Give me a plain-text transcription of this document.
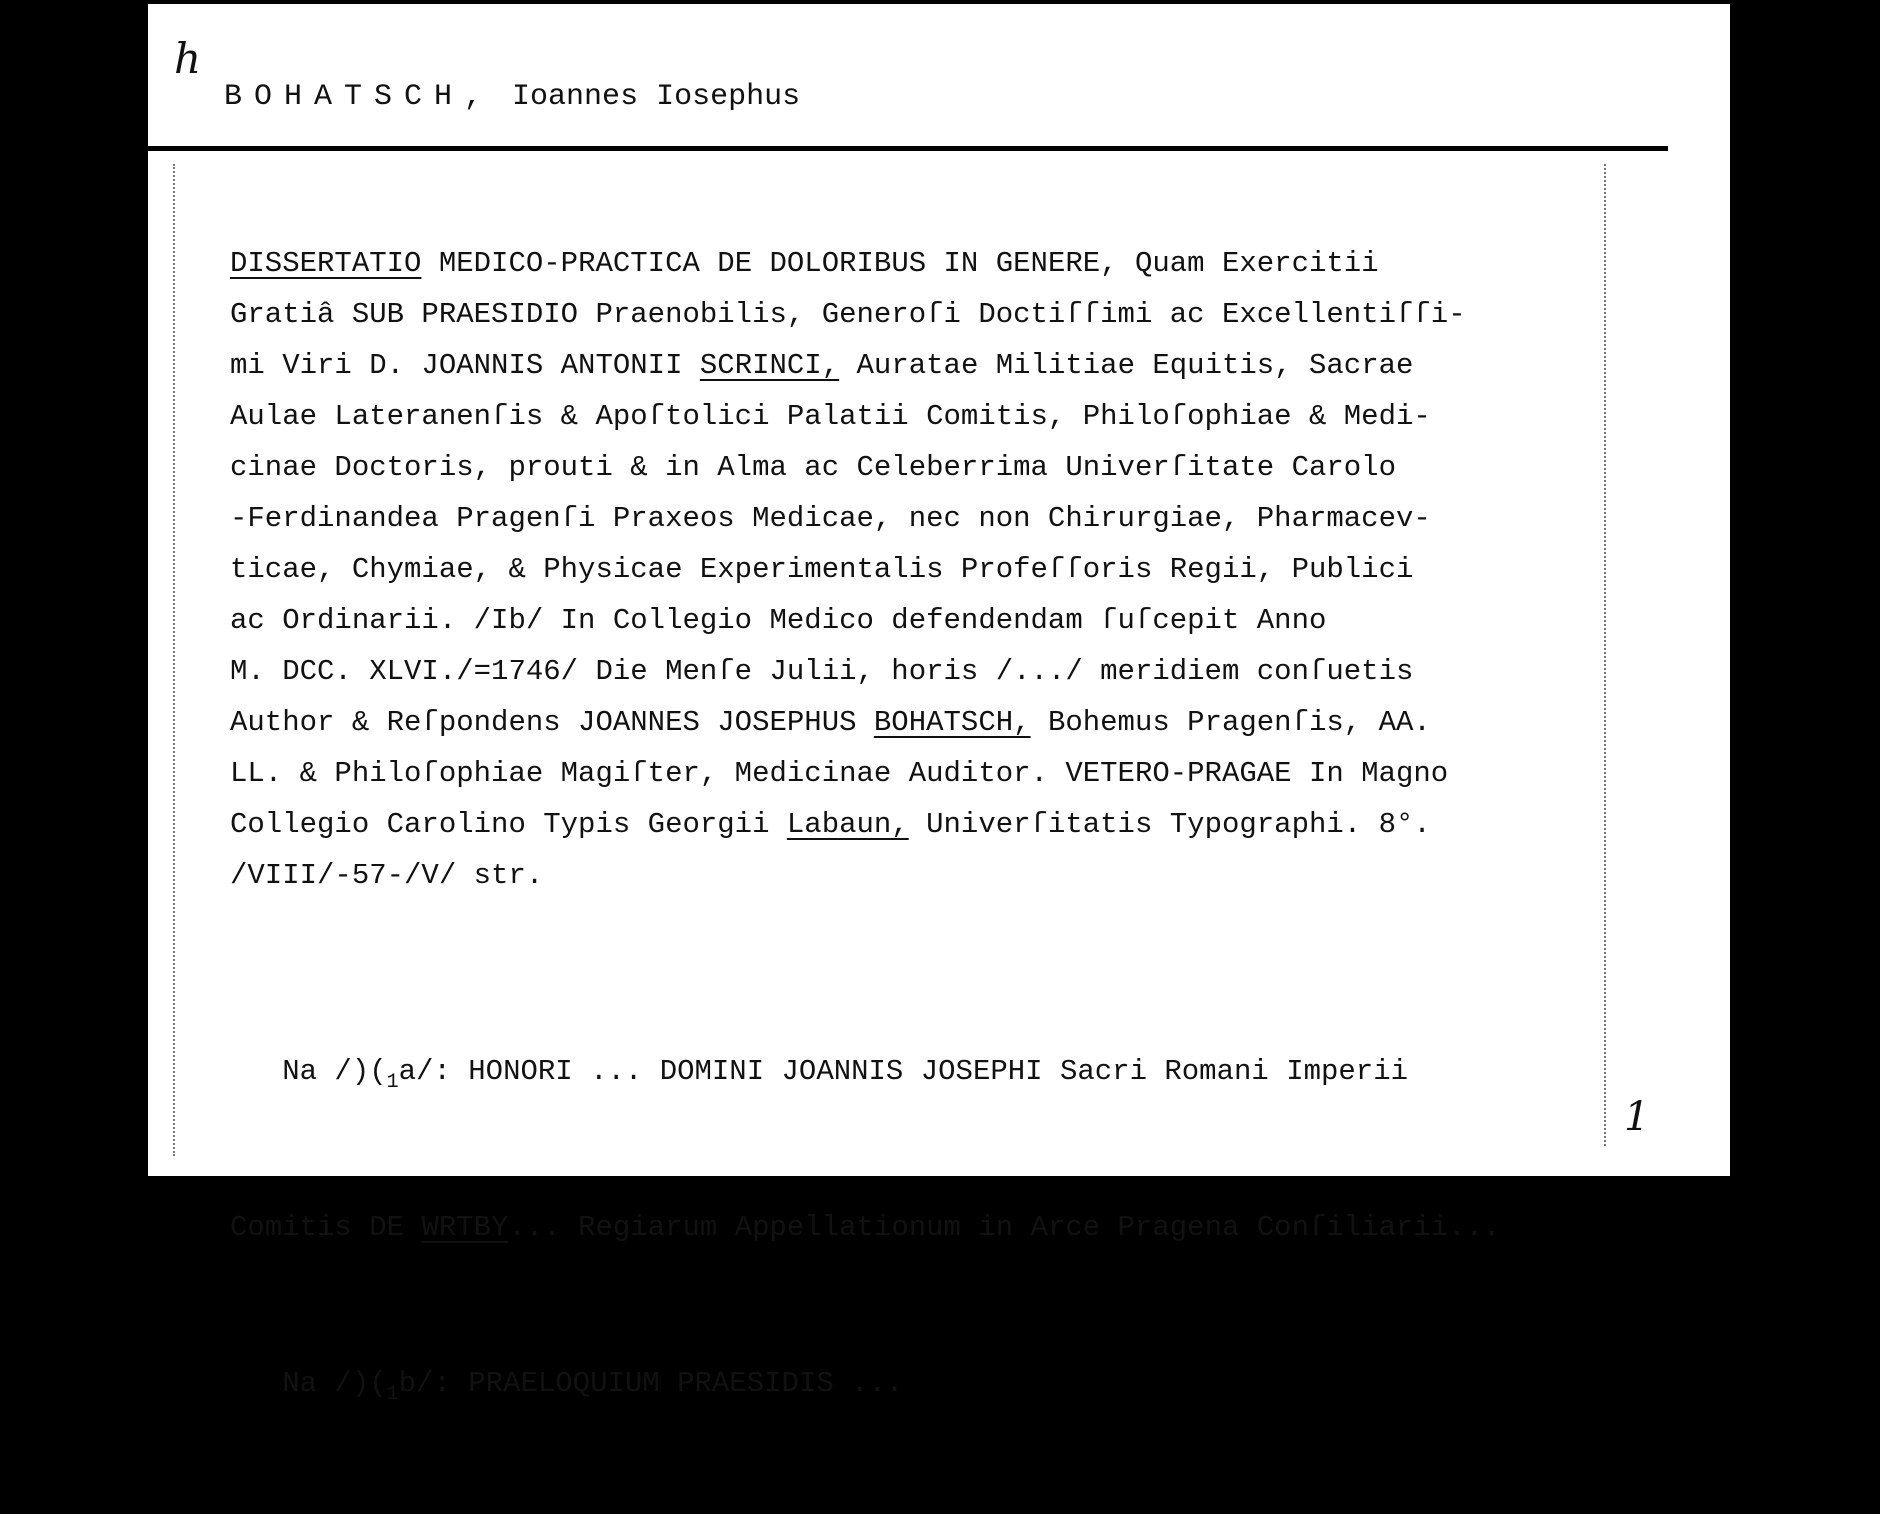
h
BOHATSCH, Ioannes Iosephus
DISSERTATIO MEDICO-PRACTICA DE DOLORIBUS IN GENERE, Quam Exercitii
Gratiâ SUB PRAESIDIO Praenobilis, Generoſi Doctiſſimi ac Excellentiſſi-
mi Viri D. JOANNIS ANTONII SCRINCI, Auratae Militiae Equitis, Sacrae
Aulae Lateranenſis & Apoſtolici Palatii Comitis, Philoſophiae & Medi-
cinae Doctoris, prouti & in Alma ac Celeberrima Univerſitate Carolo
-Ferdinandea Pragenſi Praxeos Medicae, nec non Chirurgiae, Pharmacev-
ticae, Chymiae, & Physicae Experimentalis Profeſſoris Regii, Publici
ac Ordinarii. /Ib/ In Collegio Medico defendendam ſuſcepit Anno
M. DCC. XLVI./=1746/ Die Menſe Julii, horis /.../ meridiem conſuetis
Author & Reſpondens JOANNES JOSEPHUS BOHATSCH, Bohemus Pragenſis, AA.
LL. & Philoſophiae Magiſter, Medicinae Auditor. VETERO-PRAGAE In Magno
Collegio Carolino Typis Georgii Labaun, Univerſitatis Typographi. 8°.
/VIII/-57-/V/ str.

Na $/)(_1a/$: HONORI ... DOMINI JOANNIS JOSEPHI Sacri Romani Imperii

Comitis DE WRTBY... Regiarum Appellationum in Arce Pragena Conſiliarii...

Na $/)(_1b/$: PRAELOQUIUM PRAESIDIS ...

1
